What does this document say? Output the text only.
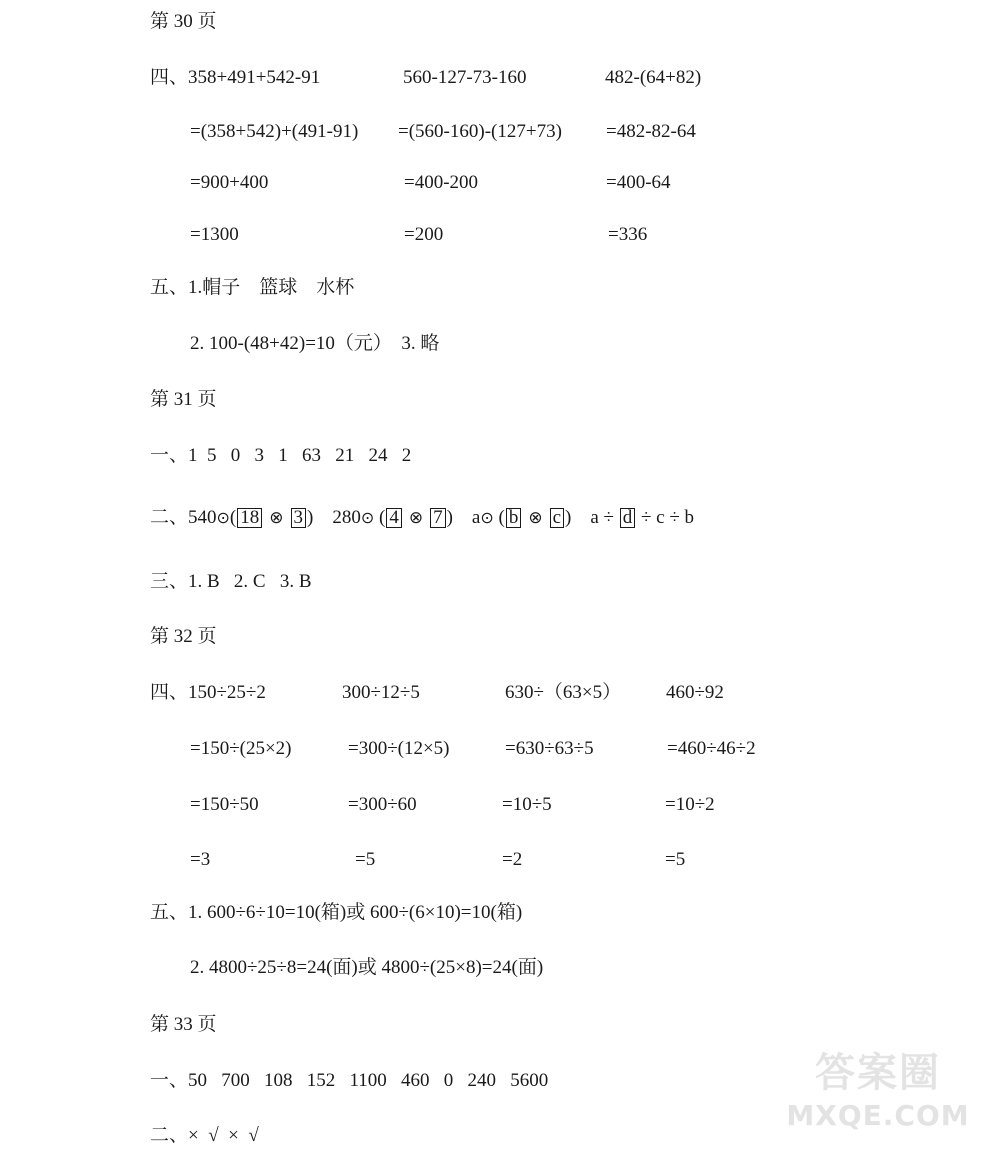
第 30 页
四、358+491+542-91	560-127-73-160	482-(64+82)
=(358+542)+(491-91) =(560-160)-(127+73) =482-82-64
=900+400	=400-200	=400-64
=1300	=200	=336
五、1.帽子    篮球    水杯
2. 100-(48+42)=10（元）  3. 略
第 31 页
一、1  5   0   3   1   63   21   24   2
二、540⊙( 18 ⊗ 3 )    280⊙ ( 4 ⊗ 7 )    a⊙ ( b ⊗ c )    a ÷ d ÷ c ÷ b
三、1. B   2. C   3. B
第 32 页
四、150÷25÷2	300÷12÷5	630÷（63×5） 460÷92
=150÷(25×2)	=300÷(12×5)	=630÷63÷5	=460÷46÷2
=150÷50	=300÷60	=10÷5	=10÷2
=3	=5	=2	=5
五、1. 600÷6÷10=10(箱)或 600÷(6×10)=10(箱)
2. 4800÷25÷8=24(面)或 4800÷(25×8)=24(面)
第 33 页
一、50   700   108   152   1100   460   0   240   5600
二、×  √  ×  √
答案圈
MXQE.COM
